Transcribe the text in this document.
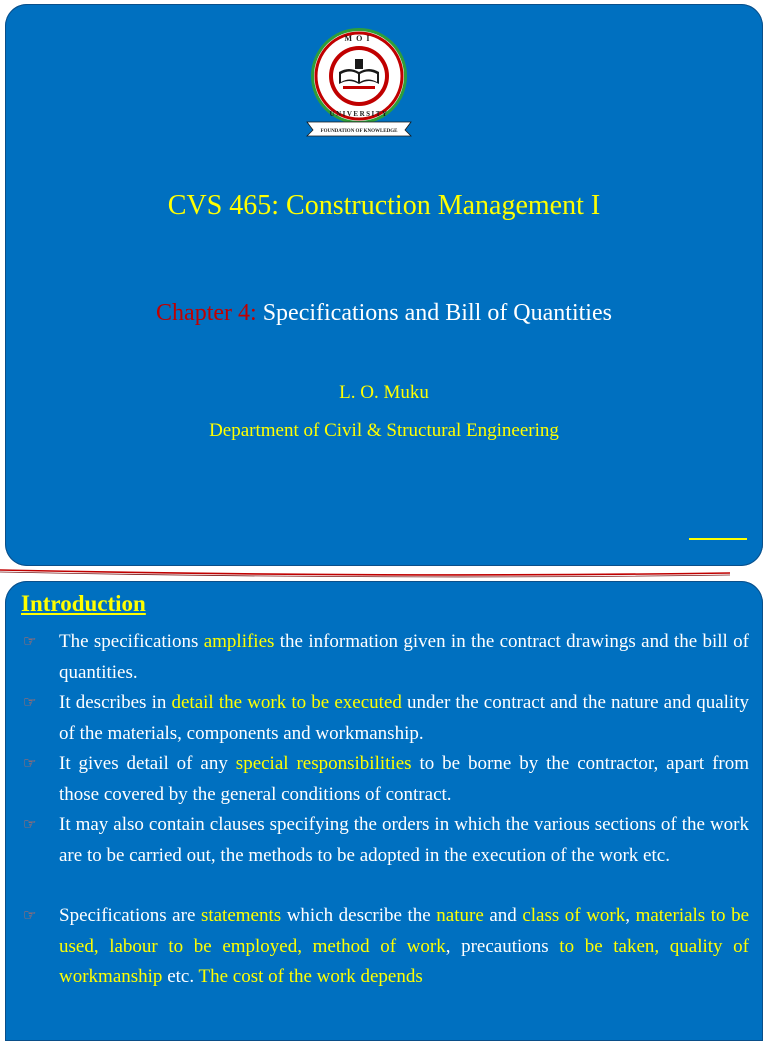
MOI
UNIVERSITY
FOUNDATION OF KNOWLEDGE
CVS 465: Construction Management I
Chapter 4: Specifications and Bill of Quantities
L. O. Muku
Department of Civil & Structural Engineering
Introduction
☞ The specifications amplifies the information given in the contract drawings and the bill of quantities.
☞ It describes in detail the work to be executed under the contract and the nature and quality of the materials, components and workmanship.
☞ It gives detail of any special responsibilities to be borne by the contractor, apart from those covered by the general conditions of contract.
☞ It may also contain clauses specifying the orders in which the various sections of the work are to be carried out, the methods to be adopted in the execution of the work etc.
☞ Specifications are statements which describe the nature and class of work, materials to be used, labour to be employed, method of work, precautions to be taken, quality of workmanship etc. The cost of the work depends
